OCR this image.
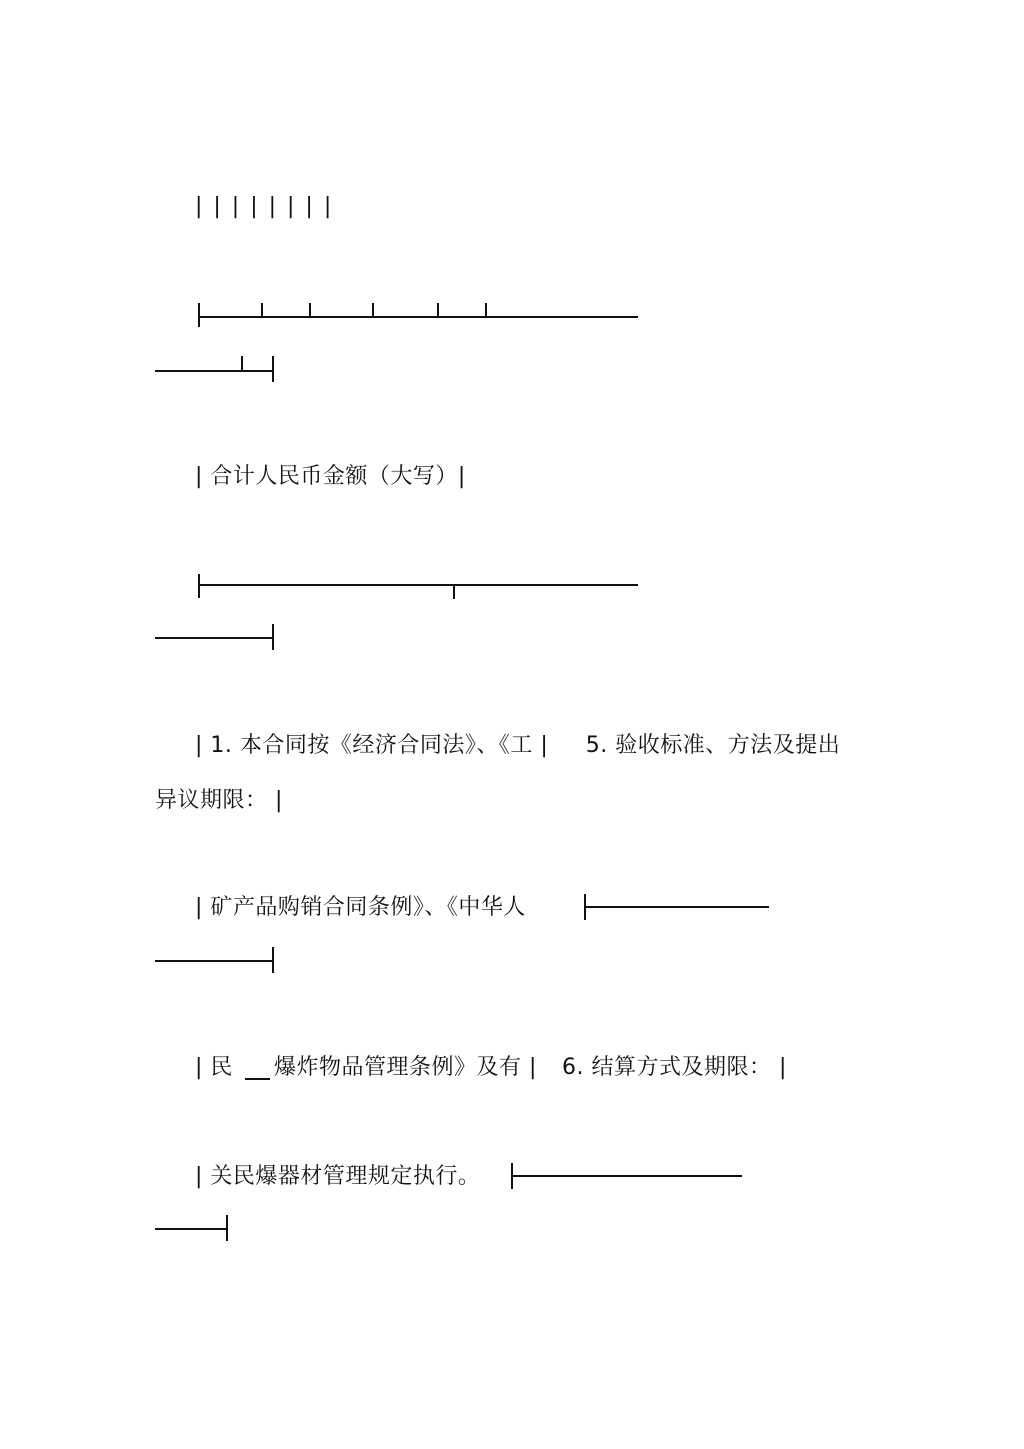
| | | | | | | |
| 合计人民币金额（大写）|
| 1. 本合同按《经济合同法》、《工 |     5. 验收标准、方法及提出
异议期限： |
| 矿产品购销合同条例》、《中华人
| 民 爆炸物品管理条例》及有 | 6. 结算方式及期限： |
| 关民爆器材管理规定执行。
